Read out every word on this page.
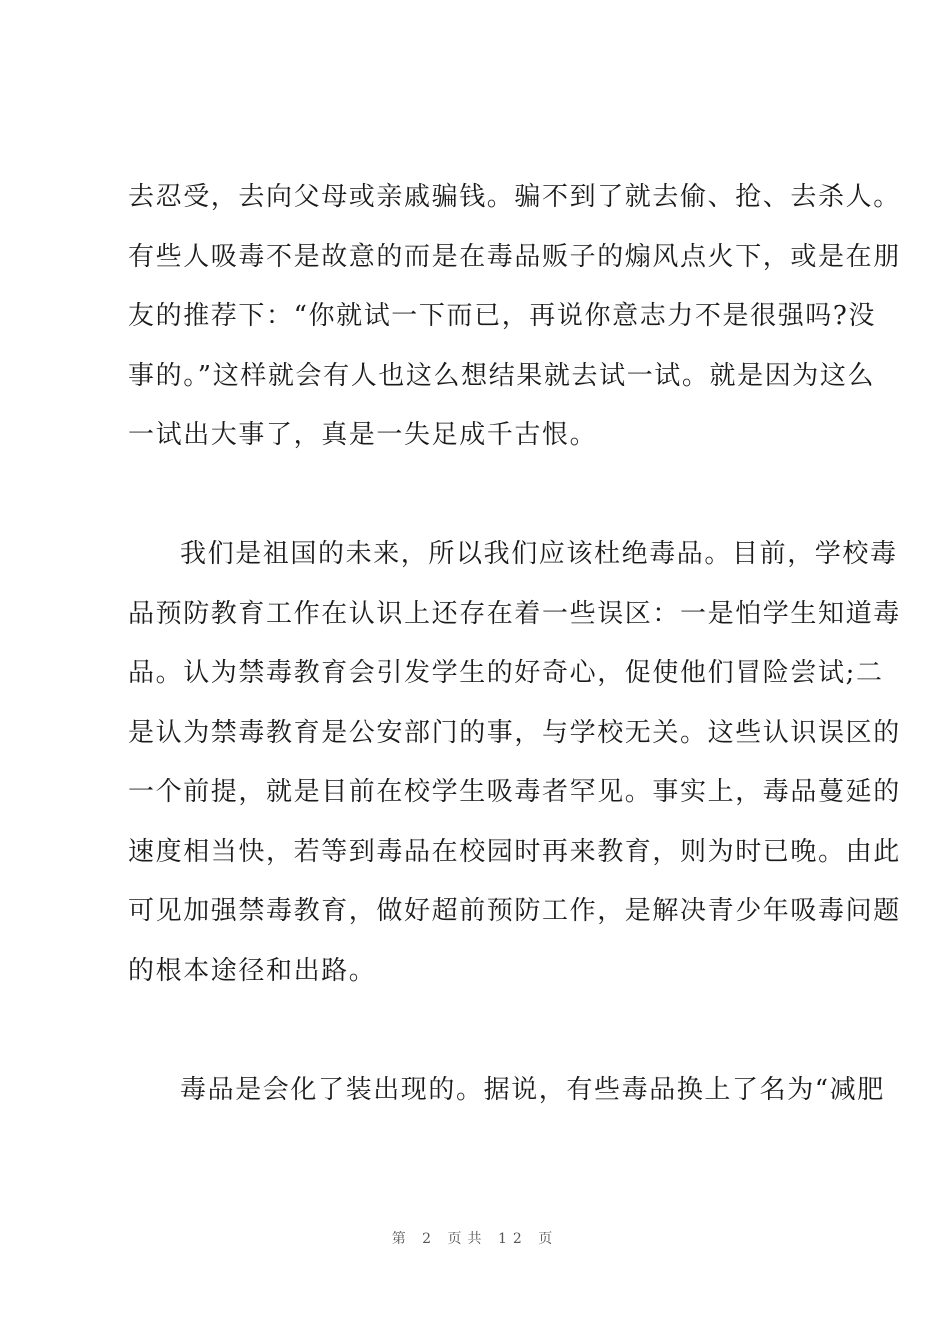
去忍受，去向父母或亲戚骗钱。骗不到了就去偷、抢、去杀人。
有些人吸毒不是故意的而是在毒品贩子的煽风点火下，或是在朋
友的推荐下：“你就试一下而已，再说你意志力不是很强吗?没
事的。”这样就会有人也这么想结果就去试一试。就是因为这么
一试出大事了，真是一失足成千古恨。
我们是祖国的未来，所以我们应该杜绝毒品。目前，学校毒
品预防教育工作在认识上还存在着一些误区：一是怕学生知道毒
品。认为禁毒教育会引发学生的好奇心，促使他们冒险尝试;二
是认为禁毒教育是公安部门的事，与学校无关。这些认识误区的
一个前提，就是目前在校学生吸毒者罕见。事实上，毒品蔓延的
速度相当快，若等到毒品在校园时再来教育，则为时已晚。由此
可见加强禁毒教育，做好超前预防工作，是解决青少年吸毒问题
的根本途径和出路。
毒品是会化了装出现的。据说，有些毒品换上了名为“减肥
第 2 页共 12 页
